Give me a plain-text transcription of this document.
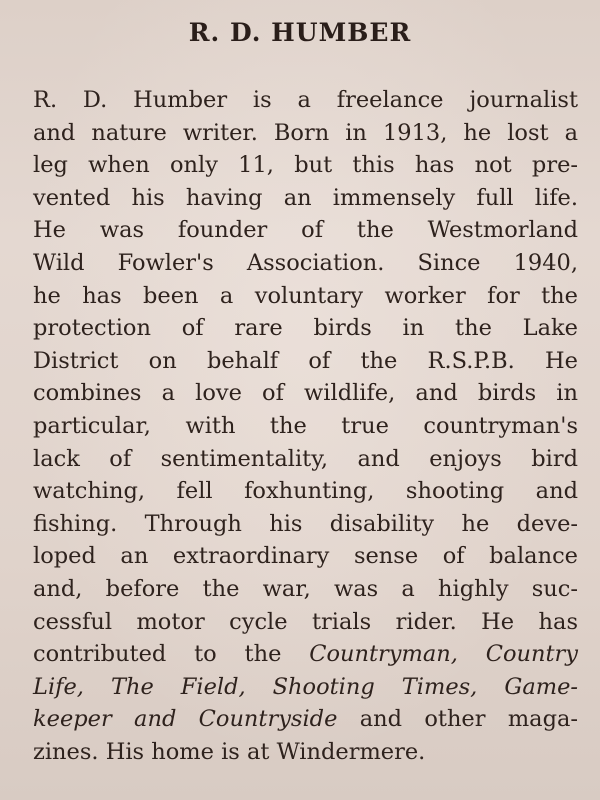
R. D. HUMBER
R. D. Humber is a freelance journalist
and nature writer. Born in 1913, he lost a
leg when only 11, but this has not pre-
vented his having an immensely full life.
He was founder of the Westmorland
Wild Fowler's Association. Since 1940,
he has been a voluntary worker for the
protection of rare birds in the Lake
District on behalf of the R.S.P.B. He
combines a love of wildlife, and birds in
particular, with the true countryman's
lack of sentimentality, and enjoys bird
watching, fell foxhunting, shooting and
fishing. Through his disability he deve-
loped an extraordinary sense of balance
and, before the war, was a highly suc-
cessful motor cycle trials rider. He has
contributed to the Countryman, Country
Life, The Field, Shooting Times, Game-
keeper and Countryside and other maga-
zines. His home is at Windermere.
